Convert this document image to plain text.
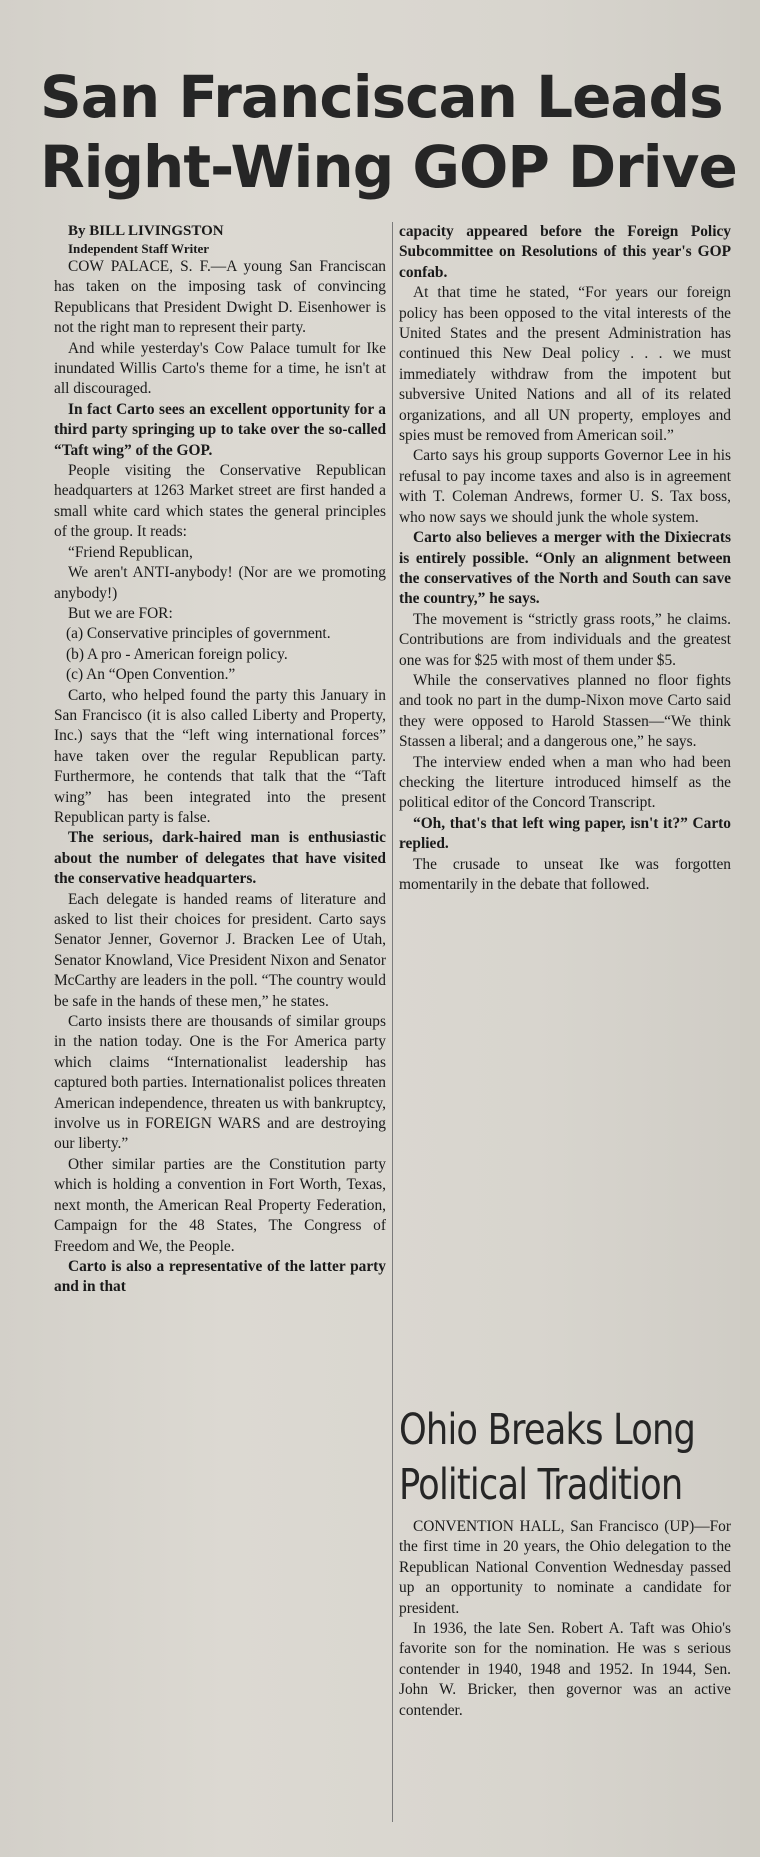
San Franciscan Leads
Right-Wing GOP Drive

By BILL LIVINGSTON

Independent Staff Writer

COW PALACE, S. F.—A young San Franciscan has taken on the imposing task of convincing Republicans that President Dwight D. Eisenhower is not the right man to represent their party.

And while yesterday's Cow Palace tumult for Ike inundated Willis Carto's theme for a time, he isn't at all discouraged.

In fact Carto sees an excellent opportunity for a third party springing up to take over the so-called “Taft wing” of the GOP.

People visiting the Conservative Republican headquarters at 1263 Market street are first handed a small white card which states the general principles of the group. It reads:

“Friend Republican,

We aren't ANTI-anybody! (Nor are we promoting anybody!)

But we are FOR:

(a) Conservative principles of government.

(b) A pro - American foreign policy.

(c) An “Open Convention.”

Carto, who helped found the party this January in San Francisco (it is also called Liberty and Property, Inc.) says that the “left wing international forces” have taken over the regular Republican party. Furthermore, he contends that talk that the “Taft wing” has been integrated into the present Republican party is false.

The serious, dark-haired man is enthusiastic about the number of delegates that have visited the conservative headquarters.

Each delegate is handed reams of literature and asked to list their choices for president. Carto says Senator Jenner, Governor J. Bracken Lee of Utah, Senator Knowland, Vice President Nixon and Senator McCarthy are leaders in the poll. “The country would be safe in the hands of these men,” he states.

Carto insists there are thousands of similar groups in the nation today. One is the For America party which claims “Internationalist leadership has captured both parties. Internationalist polices threaten American independence, threaten us with bankruptcy, involve us in FOREIGN WARS and are destroying our liberty.”

Other similar parties are the Constitution party which is holding a convention in Fort Worth, Texas, next month, the American Real Property Federation, Campaign for the 48 States, The Congress of Freedom and We, the People.

Carto is also a representative of the latter party and in that

capacity appeared before the Foreign Policy Subcommittee on Resolutions of this year's GOP confab.

At that time he stated, “For years our foreign policy has been opposed to the vital interests of the United States and the present Administration has continued this New Deal policy . . . we must immediately withdraw from the impotent but subversive United Nations and all of its related organizations, and all UN property, employes and spies must be removed from American soil.”

Carto says his group supports Governor Lee in his refusal to pay income taxes and also is in agreement with T. Coleman Andrews, former U. S. Tax boss, who now says we should junk the whole system.

Carto also believes a merger with the Dixiecrats is entirely possible. “Only an alignment between the conservatives of the North and South can save the country,” he says.

The movement is “strictly grass roots,” he claims. Contributions are from individuals and the greatest one was for $25 with most of them under $5.

While the conservatives planned no floor fights and took no part in the dump-Nixon move Carto said they were opposed to Harold Stassen—“We think Stassen a liberal; and a dangerous one,” he says.

The interview ended when a man who had been checking the literture introduced himself as the political editor of the Concord Transcript.

“Oh, that's that left wing paper, isn't it?” Carto replied.

The crusade to unseat Ike was forgotten momentarily in the debate that followed.

Ohio Breaks Long
Political Tradition

CONVENTION HALL, San Francisco (UP)—For the first time in 20 years, the Ohio delegation to the Republican National Convention Wednesday passed up an opportunity to nominate a candidate for president.

In 1936, the late Sen. Robert A. Taft was Ohio's favorite son for the nomination. He was s serious contender in 1940, 1948 and 1952. In 1944, Sen. John W. Bricker, then governor was an active contender.
